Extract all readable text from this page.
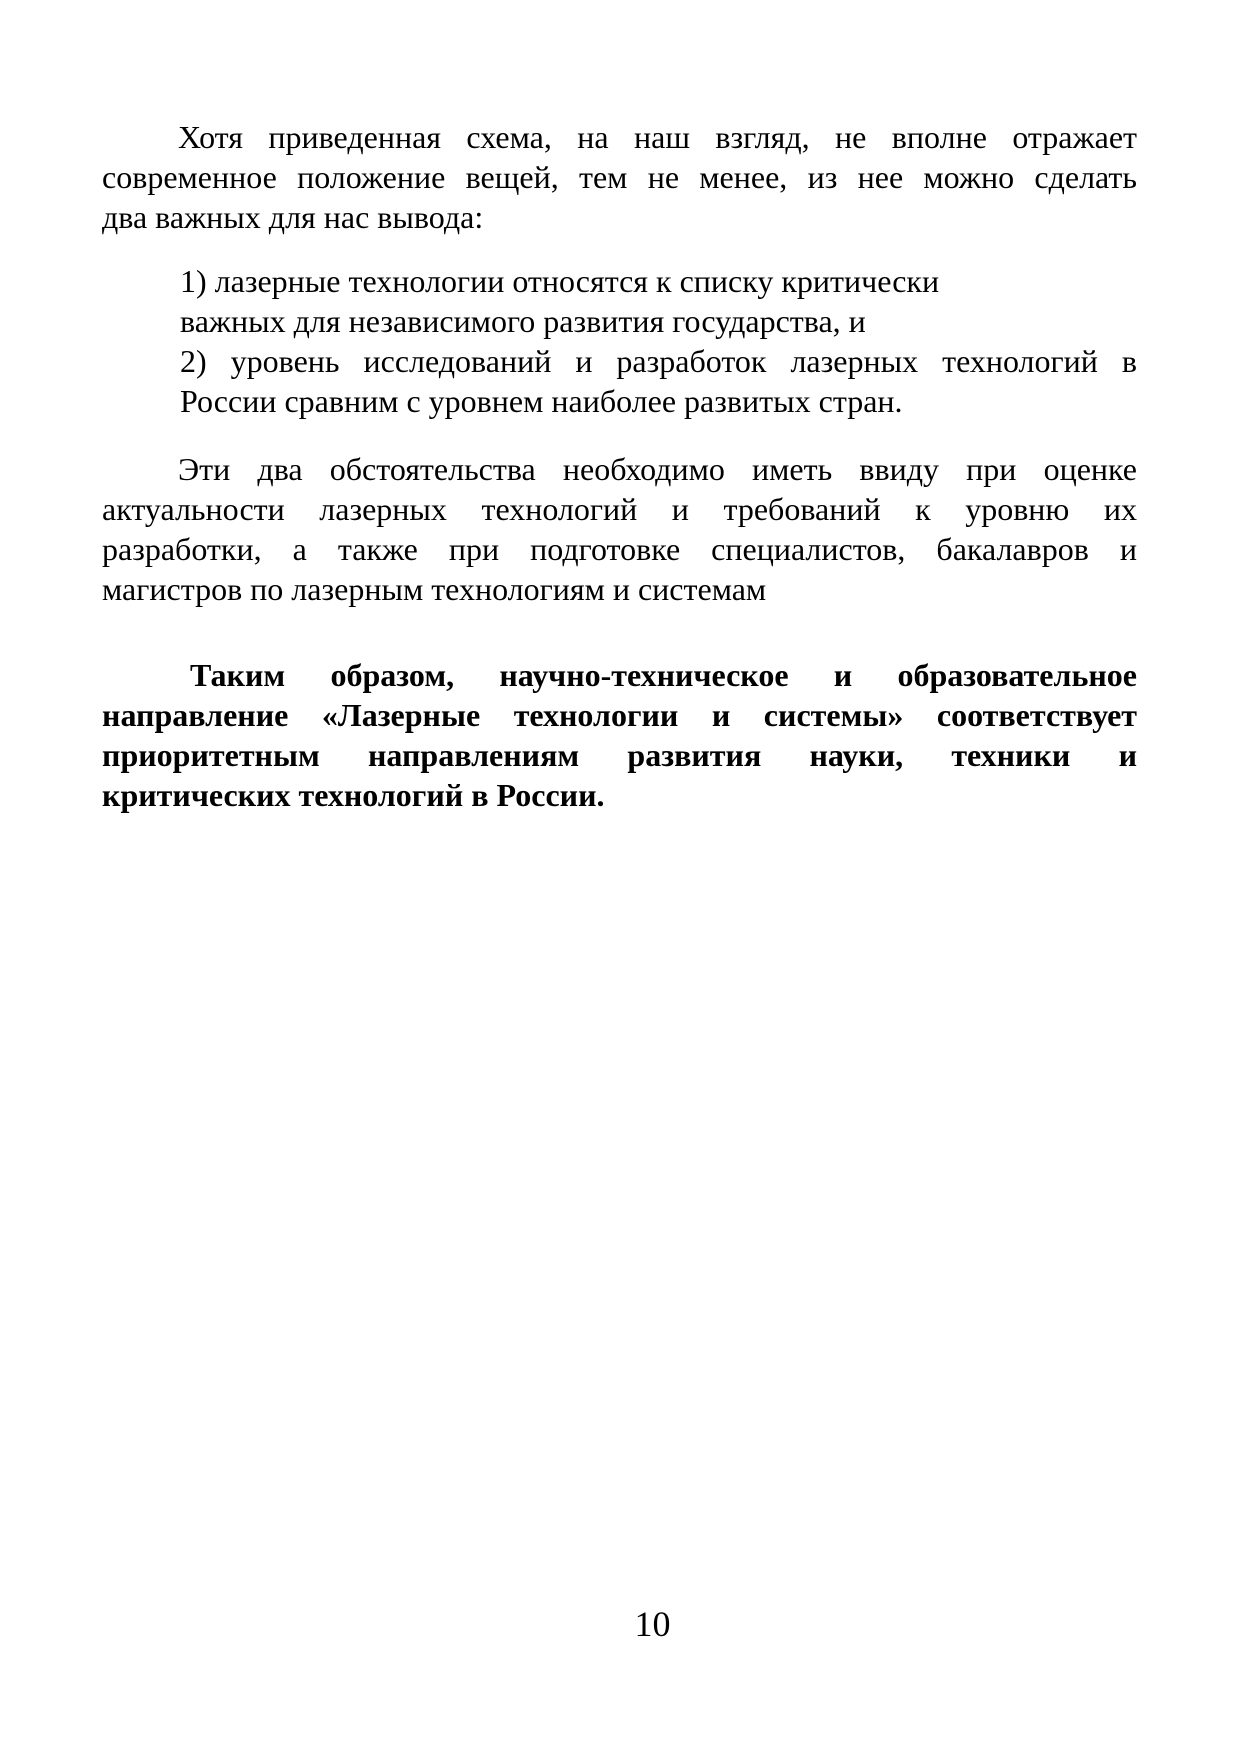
Хотя приведенная схема, на наш взгляд, не вполне отражает
современное положение вещей, тем не менее, из нее можно сделать
два важных для нас вывода:
1) лазерные технологии относятся к списку критически
важных для независимого развития государства, и
2) уровень исследований и разработок лазерных технологий в
России сравним с уровнем наиболее развитых стран.
Эти два обстоятельства необходимо иметь ввиду при оценке
актуальности лазерных технологий и требований к уровню их
разработки, а также при подготовке специалистов, бакалавров и
магистров по лазерным технологиям и системам
Таким образом, научно-техническое и образовательное
направление «Лазерные технологии и системы» соответствует
приоритетным направлениям развития науки, техники и
критических технологий в России.
10
